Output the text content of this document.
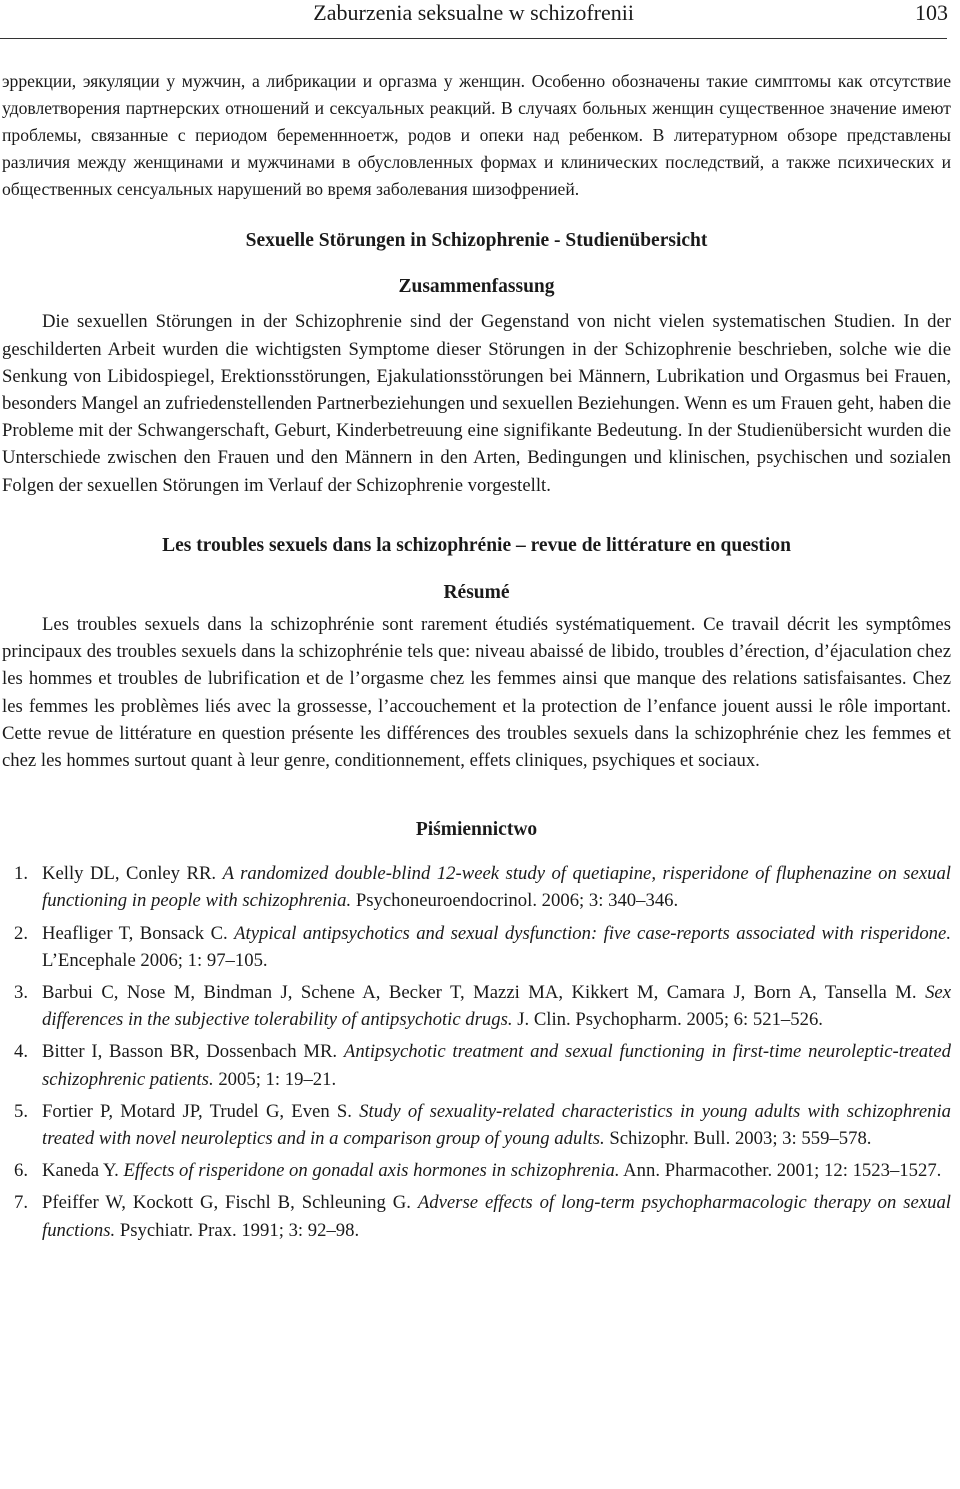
Zaburzenia seksualne w schizofrenii	103

эррекции, эякуляции у мужчин, а либрикации и оргазма у женщин. Особенно обозначены такие симптомы как отсутствие удовлетворения партнерских отношений и сексуальных реакций. В случаях больных женщин существенное значение имеют проблемы, связанные с периодом беременнноетж, родов и опеки над ребенком. В литературном обзоре представлены различия между женщинами и мужчинами в обусловленных формах и клинических последствий, а также психических и общественных сенсуальных нарушений во время заболевания шизофренией.

Sexuelle Störungen in Schizophrenie - Studienübersicht
Zusammenfassung

Die sexuellen Störungen in der Schizophrenie sind der Gegenstand von nicht vielen systematischen Studien. In der geschilderten Arbeit wurden die wichtigsten Symptome dieser Störungen in der Schizophrenie beschrieben, solche wie die Senkung von Libidospiegel, Erektionsstörungen, Ejakulationsstörungen bei Männern, Lubrikation und Orgasmus bei Frauen, besonders Mangel an zufriedenstellenden Partnerbeziehungen und sexuellen Beziehungen. Wenn es um Frauen geht, haben die Probleme mit der Schwangerschaft, Geburt, Kinderbetreuung eine signifikante Bedeutung. In der Studienübersicht wurden die Unterschiede zwischen den Frauen und den Männern in den Arten, Bedingungen und klinischen, psychischen und sozialen Folgen der sexuellen Störungen im Verlauf der Schizophrenie vorgestellt.

Les troubles sexuels dans la schizophrénie – revue de littérature en question
Résumé

Les troubles sexuels dans la schizophrénie sont rarement étudiés systématiquement. Ce travail décrit les symptômes principaux des troubles sexuels dans la schizophrénie tels que: niveau abaissé de libido, troubles d’érection, d’éjaculation chez les hommes et troubles de lubrification et de l’orgasme chez les femmes ainsi que manque des relations satisfaisantes. Chez les femmes les problèmes liés avec la grossesse, l’accouchement et la protection de l’enfance jouent aussi le rôle important. Cette revue de littérature en question présente les différences des troubles sexuels dans la schizophrénie chez les femmes et chez les hommes surtout quant à leur genre, conditionnement, effets cliniques, psychiques et sociaux.

Piśmiennictwo
1. Kelly DL, Conley RR. A randomized double-blind 12-week study of quetiapine, risperidone of fluphenazine on sexual functioning in people with schizophrenia. Psychoneuroendocrinol. 2006; 3: 340–346.
2. Heafliger T, Bonsack C. Atypical antipsychotics and sexual dysfunction: five case-reports associated with risperidone. L’Encephale 2006; 1: 97–105.
3. Barbui C, Nose M, Bindman J, Schene A, Becker T, Mazzi MA, Kikkert M, Camara J, Born A, Tansella M. Sex differences in the subjective tolerability of antipsychotic drugs. J. Clin. Psychopharm. 2005; 6: 521–526.
4. Bitter I, Basson BR, Dossenbach MR. Antipsychotic treatment and sexual functioning in first-time neuroleptic-treated schizophrenic patients. 2005; 1: 19–21.
5. Fortier P, Motard JP, Trudel G, Even S. Study of sexuality-related characteristics in young adults with schizophrenia treated with novel neuroleptics and in a comparison group of young adults. Schizophr. Bull. 2003; 3: 559–578.
6. Kaneda Y. Effects of risperidone on gonadal axis hormones in schizophrenia. Ann. Pharmacother. 2001; 12: 1523–1527.
7. Pfeiffer W, Kockott G, Fischl B, Schleuning G. Adverse effects of long-term psychopharmacologic therapy on sexual functions. Psychiatr. Prax. 1991; 3: 92–98.
